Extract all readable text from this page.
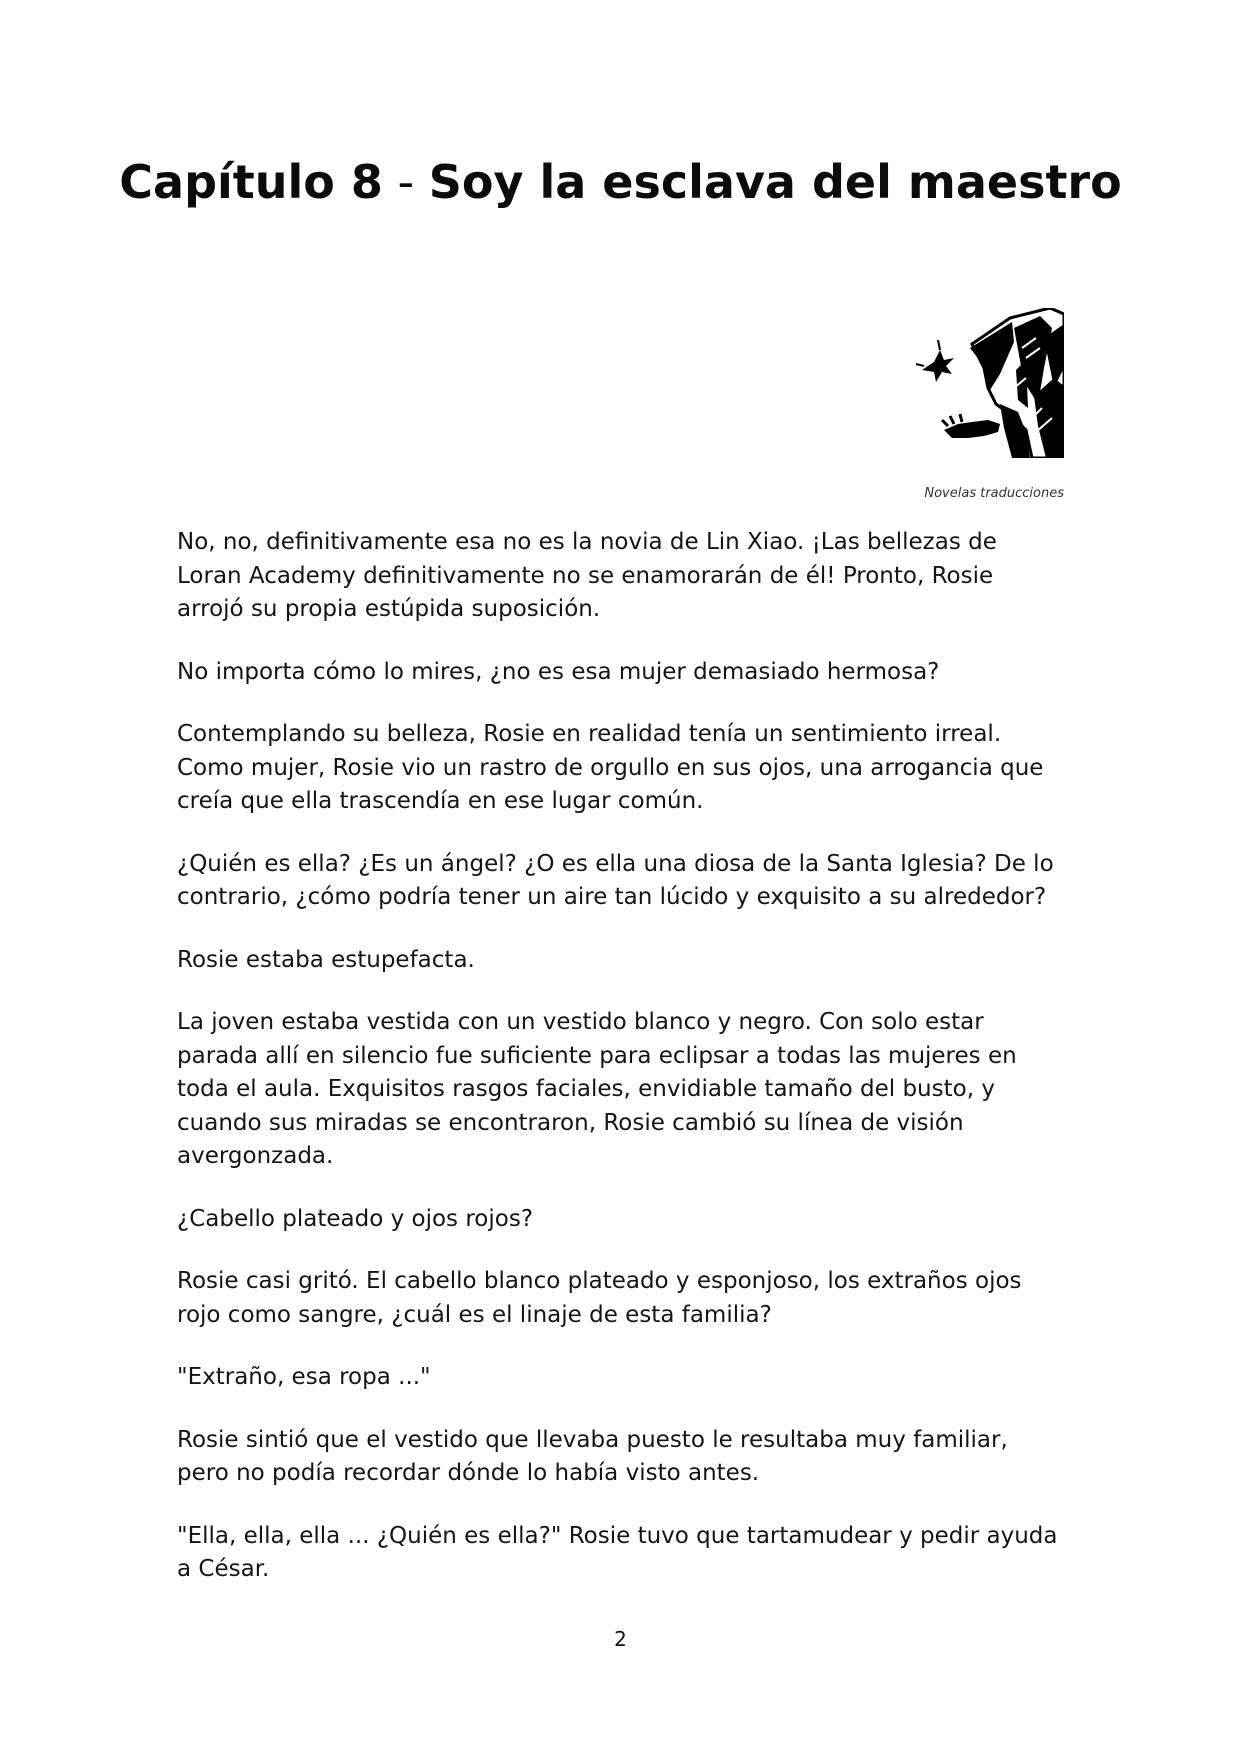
Capítulo 8 - Soy la esclava del maestro
Novelas traducciones

No, no, definitivamente esa no es la novia de Lin Xiao. ¡Las bellezas de Loran Academy definitivamente no se enamorarán de él! Pronto, Rosie arrojó su propia estúpida suposición.

No importa cómo lo mires, ¿no es esa mujer demasiado hermosa?

Contemplando su belleza, Rosie en realidad tenía un sentimiento irreal. Como mujer, Rosie vio un rastro de orgullo en sus ojos, una arrogancia que creía que ella trascendía en ese lugar común.

¿Quién es ella? ¿Es un ángel? ¿O es ella una diosa de la Santa Iglesia? De lo contrario, ¿cómo podría tener un aire tan lúcido y exquisito a su alrededor?

Rosie estaba estupefacta.

La joven estaba vestida con un vestido blanco y negro. Con solo estar parada allí en silencio fue suficiente para eclipsar a todas las mujeres en toda el aula. Exquisitos rasgos faciales, envidiable tamaño del busto, y cuando sus miradas se encontraron, Rosie cambió su línea de visión avergonzada.

¿Cabello plateado y ojos rojos?

Rosie casi gritó. El cabello blanco plateado y esponjoso, los extraños ojos rojo como sangre, ¿cuál es el linaje de esta familia?

"Extraño, esa ropa ..."

Rosie sintió que el vestido que llevaba puesto le resultaba muy familiar, pero no podía recordar dónde lo había visto antes.

"Ella, ella, ella ... ¿Quién es ella?" Rosie tuvo que tartamudear y pedir ayuda a César.

2
